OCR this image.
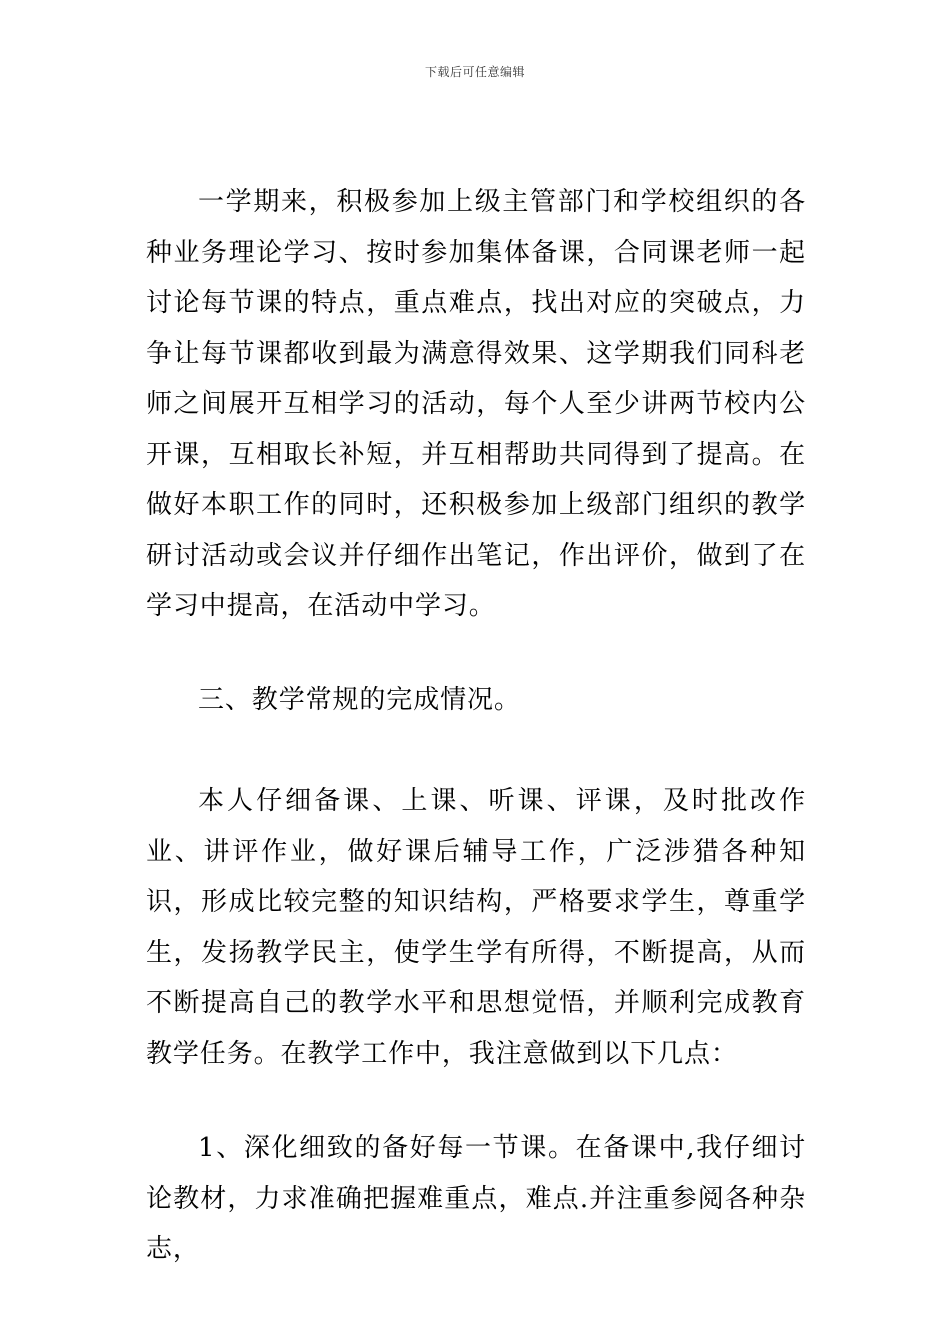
下载后可任意编辑

一学期来，积极参加上级主管部门和学校组织的各种业务理论学习、按时参加集体备课，合同课老师一起讨论每节课的特点，重点难点，找出对应的突破点，力争让每节课都收到最为满意得效果、这学期我们同科老师之间展开互相学习的活动，每个人至少讲两节校内公开课，互相取长补短，并互相帮助共同得到了提高。在做好本职工作的同时，还积极参加上级部门组织的教学研讨活动或会议并仔细作出笔记，作出评价，做到了在学习中提高，在活动中学习。

三、教学常规的完成情况。

本人仔细备课、上课、听课、评课，及时批改作业、讲评作业，做好课后辅导工作，广泛涉猎各种知识，形成比较完整的知识结构，严格要求学生，尊重学生，发扬教学民主，使学生学有所得，不断提高，从而不断提高自己的教学水平和思想觉悟，并顺利完成教育教学任务。在教学工作中，我注意做到以下几点：

1、深化细致的备好每一节课。在备课中,我仔细讨论教材，力求准确把握难重点，难点.并注重参阅各种杂志，
